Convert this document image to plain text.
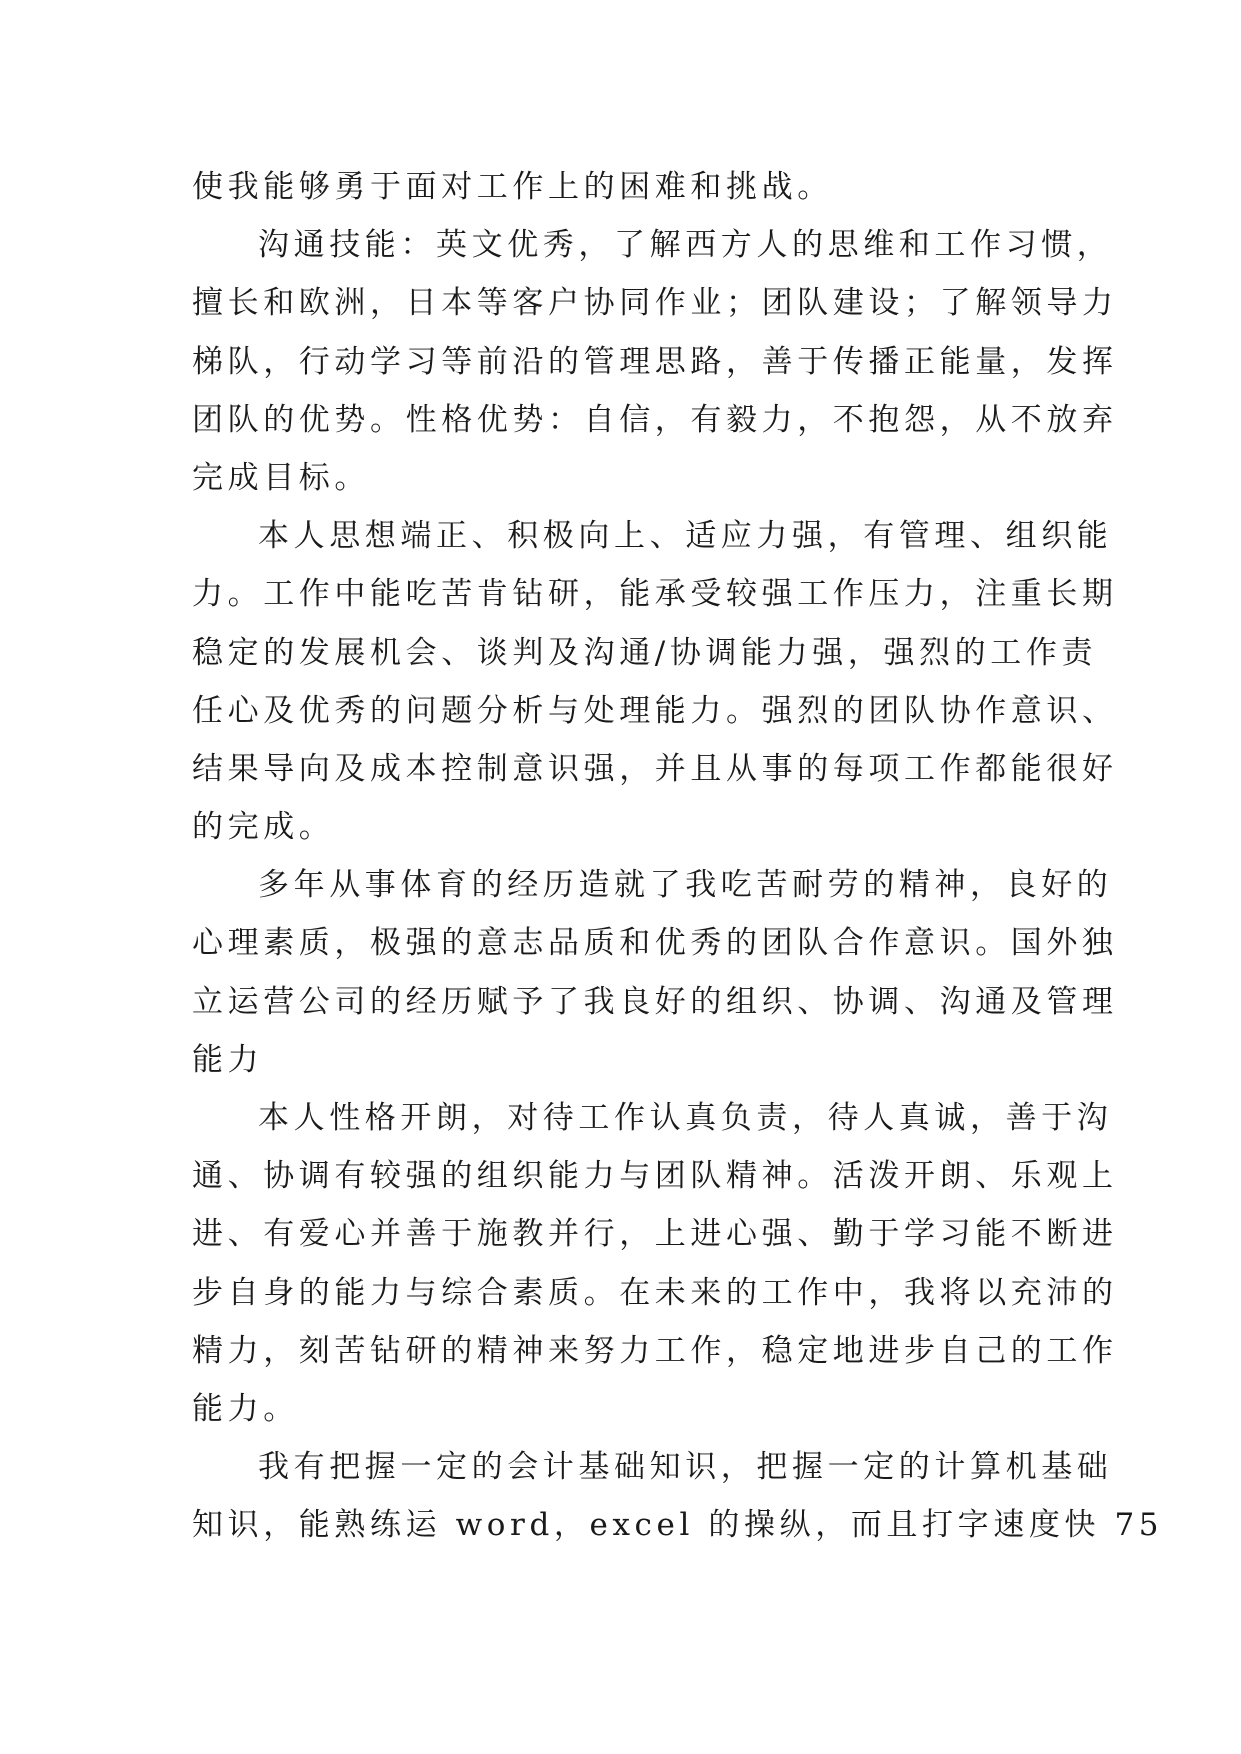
使我能够勇于面对工作上的困难和挑战。
沟通技能：英文优秀，了解西方人的思维和工作习惯，
擅长和欧洲，日本等客户协同作业；团队建设；了解领导力
梯队，行动学习等前沿的管理思路，善于传播正能量，发挥
团队的优势。性格优势：自信，有毅力，不抱怨，从不放弃
完成目标。
本人思想端正、积极向上、适应力强，有管理、组织能
力。工作中能吃苦肯钻研，能承受较强工作压力，注重长期
稳定的发展机会、谈判及沟通/协调能力强，强烈的工作责
任心及优秀的问题分析与处理能力。强烈的团队协作意识、
结果导向及成本控制意识强，并且从事的每项工作都能很好
的完成。
多年从事体育的经历造就了我吃苦耐劳的精神，良好的
心理素质，极强的意志品质和优秀的团队合作意识。国外独
立运营公司的经历赋予了我良好的组织、协调、沟通及管理
能力
本人性格开朗，对待工作认真负责，待人真诚，善于沟
通、协调有较强的组织能力与团队精神。活泼开朗、乐观上
进、有爱心并善于施教并行，上进心强、勤于学习能不断进
步自身的能力与综合素质。在未来的工作中，我将以充沛的
精力，刻苦钻研的精神来努力工作，稳定地进步自己的工作
能力。
我有把握一定的会计基础知识，把握一定的计算机基础
知识，能熟练运 word，excel 的操纵，而且打字速度快 75
